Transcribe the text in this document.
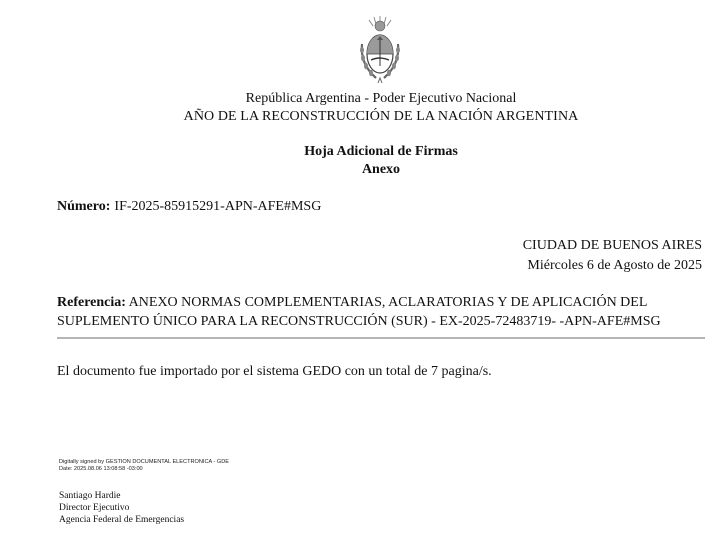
República Argentina - Poder Ejecutivo Nacional
AÑO DE LA RECONSTRUCCIÓN DE LA NACIÓN ARGENTINA
Hoja Adicional de Firmas
Anexo
Número: IF-2025-85915291-APN-AFE#MSG
CIUDAD DE BUENOS AIRES
Miércoles 6 de Agosto de 2025
Referencia: ANEXO NORMAS COMPLEMENTARIAS, ACLARATORIAS Y DE APLICACIÓN DEL SUPLEMENTO ÚNICO PARA LA RECONSTRUCCIÓN (SUR) - EX-2025-72483719- -APN-AFE#MSG
El documento fue importado por el sistema GEDO con un total de 7 pagina/s.
Digitally signed by GESTION DOCUMENTAL ELECTRONICA - GDE
Date: 2025.08.06 13:08:58 -03:00
Santiago Hardie
Director Ejecutivo
Agencia Federal de Emergencias
